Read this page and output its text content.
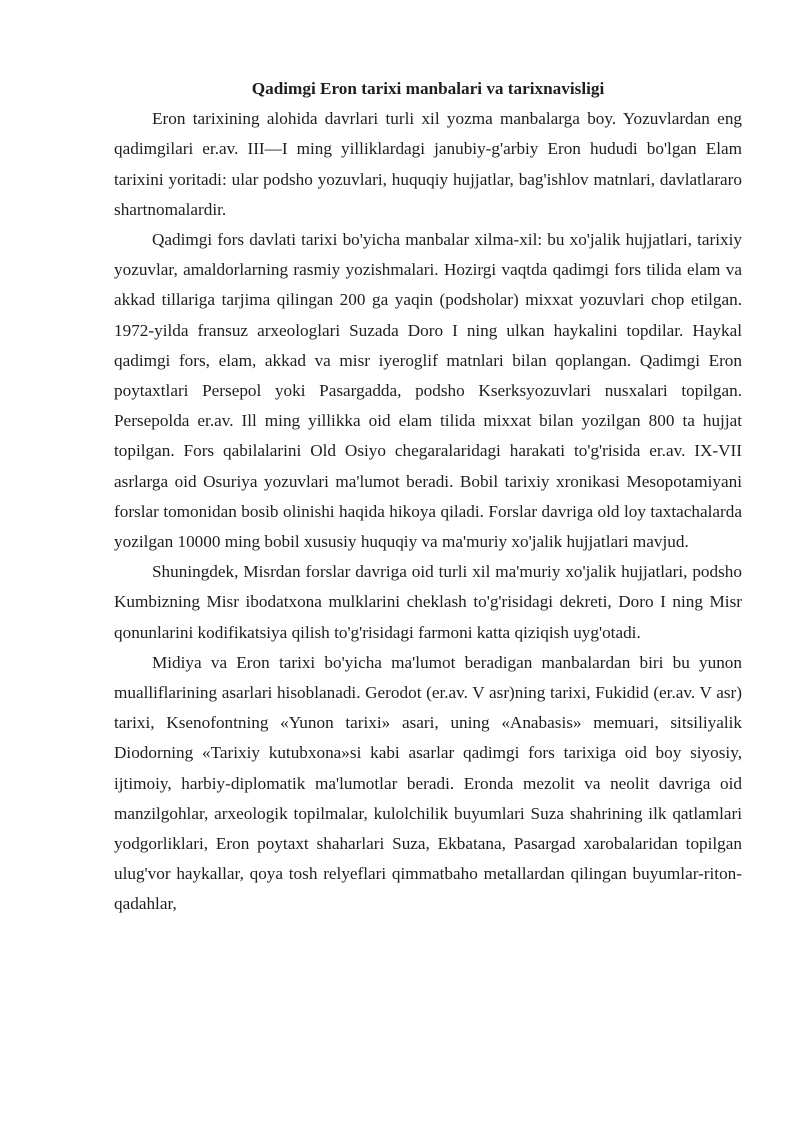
Qadimgi Eron tarixi manbalari va tarixnavisligi

Eron tarixining alohida davrlari turli xil yozma manbalarga boy. Yozuvlardan eng qadimgilari er.av. III—I ming yilliklardagi janubiy-g'arbiy Eron hududi bo'lgan Elam tarixini yoritadi: ular podsho yozuvlari, huquqiy hujjatlar, bag'ishlov matnlari, davlatlararo shartnomalardir.

Qadimgi fors davlati tarixi bo'yicha manbalar xilma-xil: bu xo'jalik hujjatlari, tarixiy yozuvlar, amaldorlarning rasmiy yozishmalari. Hozirgi vaqtda qadimgi fors tilida elam va akkad tillariga tarjima qilingan 200 ga yaqin (podsholar) mixxat yozuvlari chop etilgan. 1972-yilda fransuz arxeologlari Suzada Doro I ning ulkan haykalini topdilar. Haykal qadimgi fors, elam, akkad va misr iyeroglif matnlari bilan qoplangan. Qadimgi Eron poytaxtlari Persepol yoki Pasargadda, podsho Kserksyozuvlari nusxalari topilgan. Persepolda er.av. Ill ming yillikka oid elam tilida mixxat bilan yozilgan 800 ta hujjat topilgan. Fors qabilalarini Old Osiyo chegaralaridagi harakati to'g'risida er.av. IX-VII asrlarga oid Osuriya yozuvlari ma'lumot beradi. Bobil tarixiy xronikasi Mesopotamiyani forslar tomonidan bosib olinishi haqida hikoya qiladi. Forslar davriga old loy taxtachalarda yozilgan 10000 ming bobil xususiy huquqiy va ma'muriy xo'jalik hujjatlari mavjud.

Shuningdek, Misrdan forslar davriga oid turli xil ma'muriy xo'jalik hujjatlari, podsho Kumbizning Misr ibodatxona mulklarini cheklash to'g'risidagi dekreti, Doro I ning Misr qonunlarini kodifikatsiya qilish to'g'risidagi farmoni katta qiziqish uyg'otadi.

Midiya va Eron tarixi bo'yicha ma'lumot beradigan manbalardan biri bu yunon mualliflarining asarlari hisoblanadi. Gerodot (er.av. V asr)ning tarixi, Fukidid (er.av. V asr) tarixi, Ksenofontning «Yunon tarixi» asari, uning «Anabasis» memuari, sitsiliyalik Diodorning «Tarixiy kutubxona»si kabi asarlar qadimgi fors tarixiga oid boy siyosiy, ijtimoiy, harbiy-diplomatik ma'lumotlar beradi. Eronda mezolit va neolit davriga oid manzilgohlar, arxeologik topilmalar, kulolchilik buyumlari Suza shahrining ilk qatlamlari yodgorliklari, Eron poytaxt shaharlari Suza, Ekbatana, Pasargad xarobalaridan topilgan ulug'vor haykallar, qoya tosh relyeflari qimmatbaho metallardan qilingan buyumlar-riton-qadahlar,
